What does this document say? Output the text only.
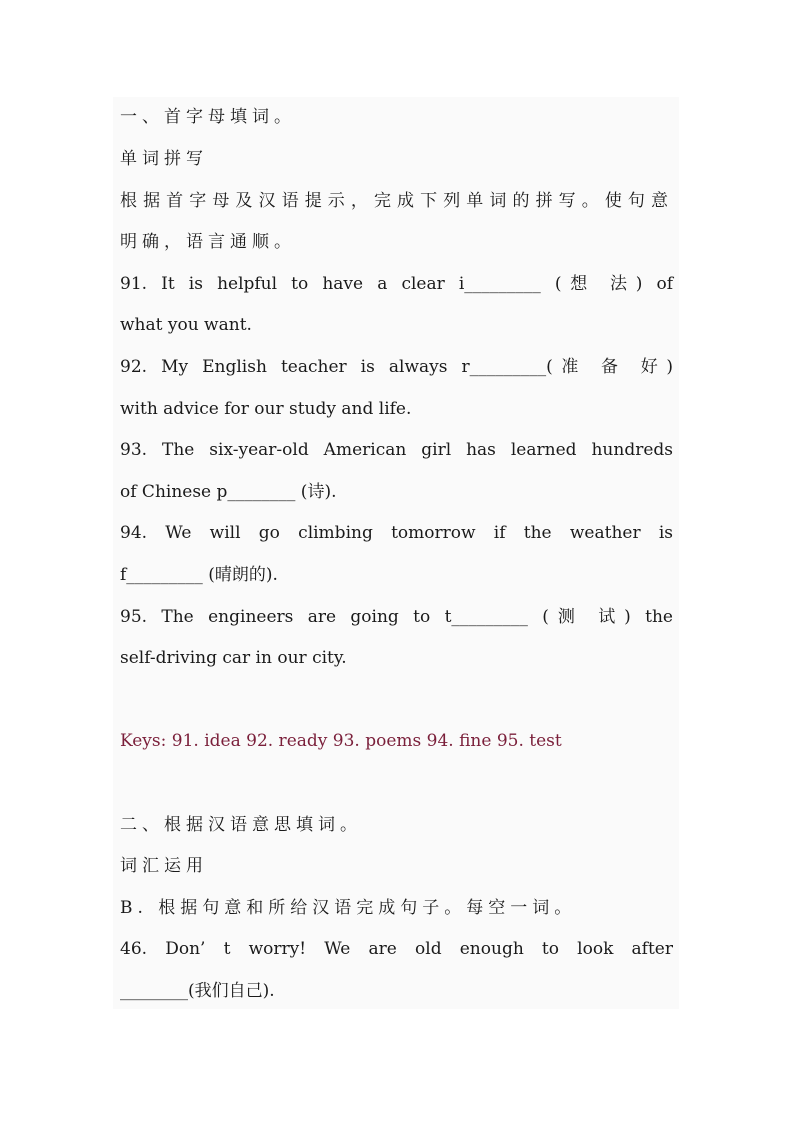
一、首字母填词。
单词拼写
根据首字母及汉语提示，完成下列单词的拼写。使句意
明确，语言通顺。
91. It is helpful to have a clear i_________ (想 法) of
what you want.
92. My English teacher is always r_________(准 备 好)
with advice for our study and life.
93. The six-year-old American girl has learned hundreds
of Chinese p________ (诗).
94. We will go climbing tomorrow if the weather is
f_________ (晴朗的).
95. The engineers are going to t_________ (测 试) the
self-driving car in our city.
Keys: 91. idea 92. ready 93. poems 94. fine 95. test
二、根据汉语意思填词。
词汇运用
B. 根据句意和所给汉语完成句子。每空一词。
46. Don’ t worry! We are old enough to look after
________(我们自己).
